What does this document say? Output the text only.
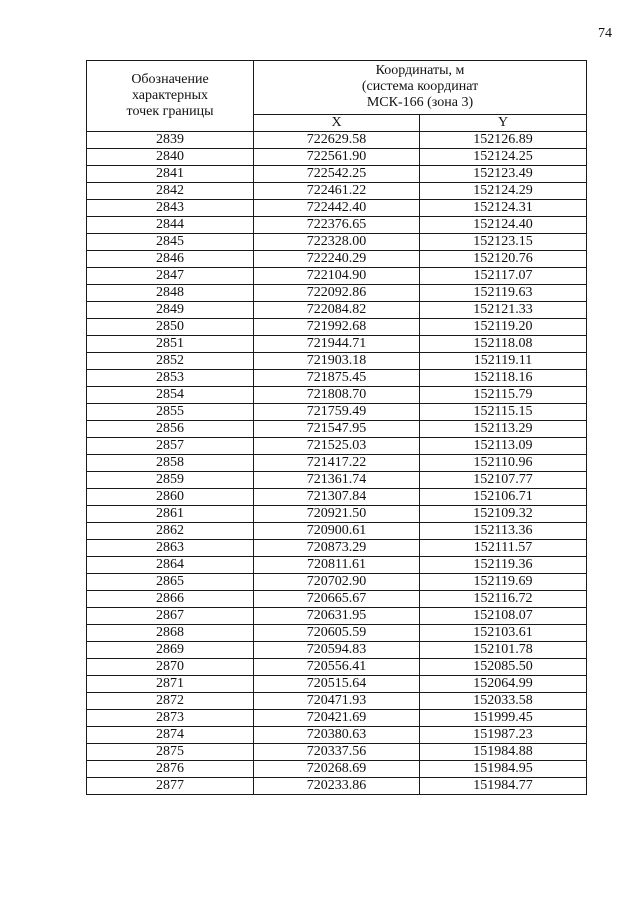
74
Обозначение
характерных
точек границы	Координаты, м
(система координат
МСК-166 (зона 3)	

	X	Y
2839	722629.58	152126.89
2840	722561.90	152124.25
2841	722542.25	152123.49
2842	722461.22	152124.29
2843	722442.40	152124.31
2844	722376.65	152124.40
2845	722328.00	152123.15
2846	722240.29	152120.76
2847	722104.90	152117.07
2848	722092.86	152119.63
2849	722084.82	152121.33
2850	721992.68	152119.20
2851	721944.71	152118.08
2852	721903.18	152119.11
2853	721875.45	152118.16
2854	721808.70	152115.79
2855	721759.49	152115.15
2856	721547.95	152113.29
2857	721525.03	152113.09
2858	721417.22	152110.96
2859	721361.74	152107.77
2860	721307.84	152106.71
2861	720921.50	152109.32
2862	720900.61	152113.36
2863	720873.29	152111.57
2864	720811.61	152119.36
2865	720702.90	152119.69
2866	720665.67	152116.72
2867	720631.95	152108.07
2868	720605.59	152103.61
2869	720594.83	152101.78
2870	720556.41	152085.50
2871	720515.64	152064.99
2872	720471.93	152033.58
2873	720421.69	151999.45
2874	720380.63	151987.23
2875	720337.56	151984.88
2876	720268.69	151984.95
2877	720233.86	151984.77
